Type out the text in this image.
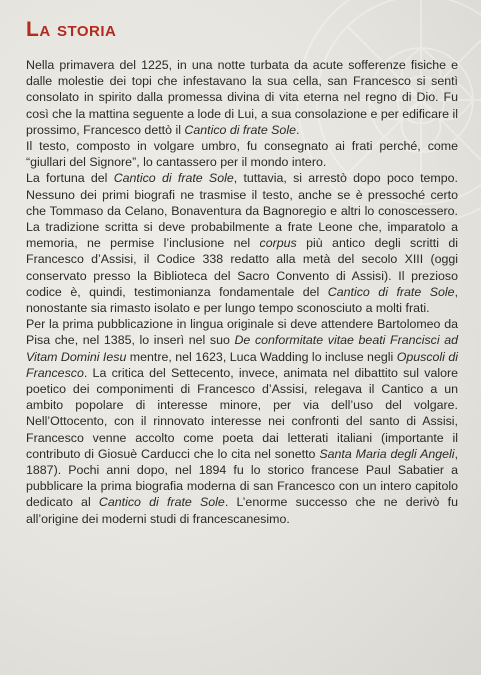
La storia

Nella primavera del 1225, in una notte turbata da acute sofferenze fisiche e dalle molestie dei topi che infestavano la sua cella, san Francesco si sentì consolato in spirito dalla promessa divina di vita eterna nel regno di Dio. Fu così che la mattina seguente a lode di Lui, a sua consolazione e per edificare il prossimo, Francesco dettò il Cantico di frate Sole.

Il testo, composto in volgare umbro, fu consegnato ai frati perché, come “giullari del Signore”, lo cantassero per il mondo intero.

La fortuna del Cantico di frate Sole, tuttavia, si arrestò dopo poco tempo. Nessuno dei primi biografi ne trasmise il testo, anche se è pressoché certo che Tommaso da Celano, Bonaventura da Bagnoregio e altri lo conoscessero. La tradizione scritta si deve probabilmente a frate Leone che, imparatolo a memoria, ne permise l’inclusione nel corpus più antico degli scritti di Francesco d’Assisi, il Codice 338 redatto alla metà del secolo XIII (oggi conservato presso la Biblioteca del Sacro Convento di Assisi). Il prezioso codice è, quindi, testimonianza fondamentale del Cantico di frate Sole, nonostante sia rimasto isolato e per lungo tempo sconosciuto a molti frati.

Per la prima pubblicazione in lingua originale si deve attendere Bartolomeo da Pisa che, nel 1385, lo inserì nel suo De conformitate vitae beati Francisci ad Vitam Domini Iesu mentre, nel 1623, Luca Wadding lo incluse negli Opuscoli di Francesco. La critica del Settecento, invece, animata nel dibattito sul valore poetico dei componimenti di Francesco d’Assisi, relegava il Cantico a un ambito popolare di interesse minore, per via dell’uso del volgare. Nell’Ottocento, con il rinnovato interesse nei confronti del santo di Assisi, Francesco venne accolto come poeta dai letterati italiani (importante il contributo di Giosuè Carducci che lo cita nel sonetto Santa Maria degli Angeli, 1887). Pochi anni dopo, nel 1894 fu lo storico francese Paul Sabatier a pubblicare la prima biografia moderna di san Francesco con un intero capitolo dedicato al Cantico di frate Sole. L’enorme successo che ne derivò fu all’origine dei moderni studi di francescanesimo.
